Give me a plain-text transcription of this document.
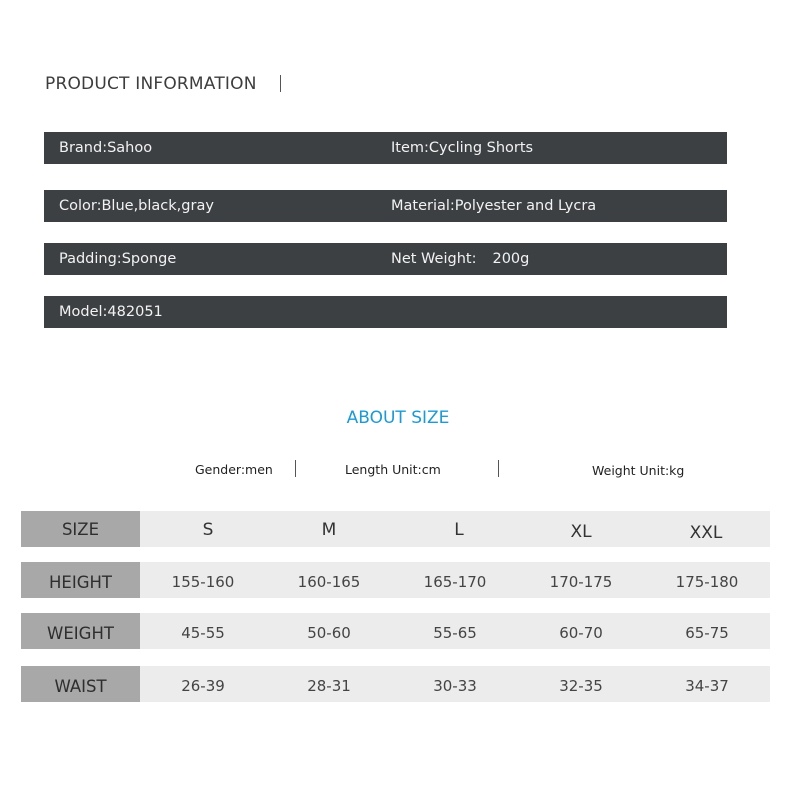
PRODUCT INFORMATION
Brand:Sahoo	Item:Cycling Shorts
Color:Blue,black,gray	Material:Polyester and Lycra
Padding:Sponge	Net Weight: 200g
Model:482051
ABOUT SIZE
Gender:men	Length Unit:cm	Weight Unit:kg
SIZE	S	M	L	XL	XXL
HEIGHT	155-160	160-165	165-170	170-175	175-180
WEIGHT	45-55	50-60	55-65	60-70	65-75
WAIST	26-39	28-31	30-33	32-35	34-37
